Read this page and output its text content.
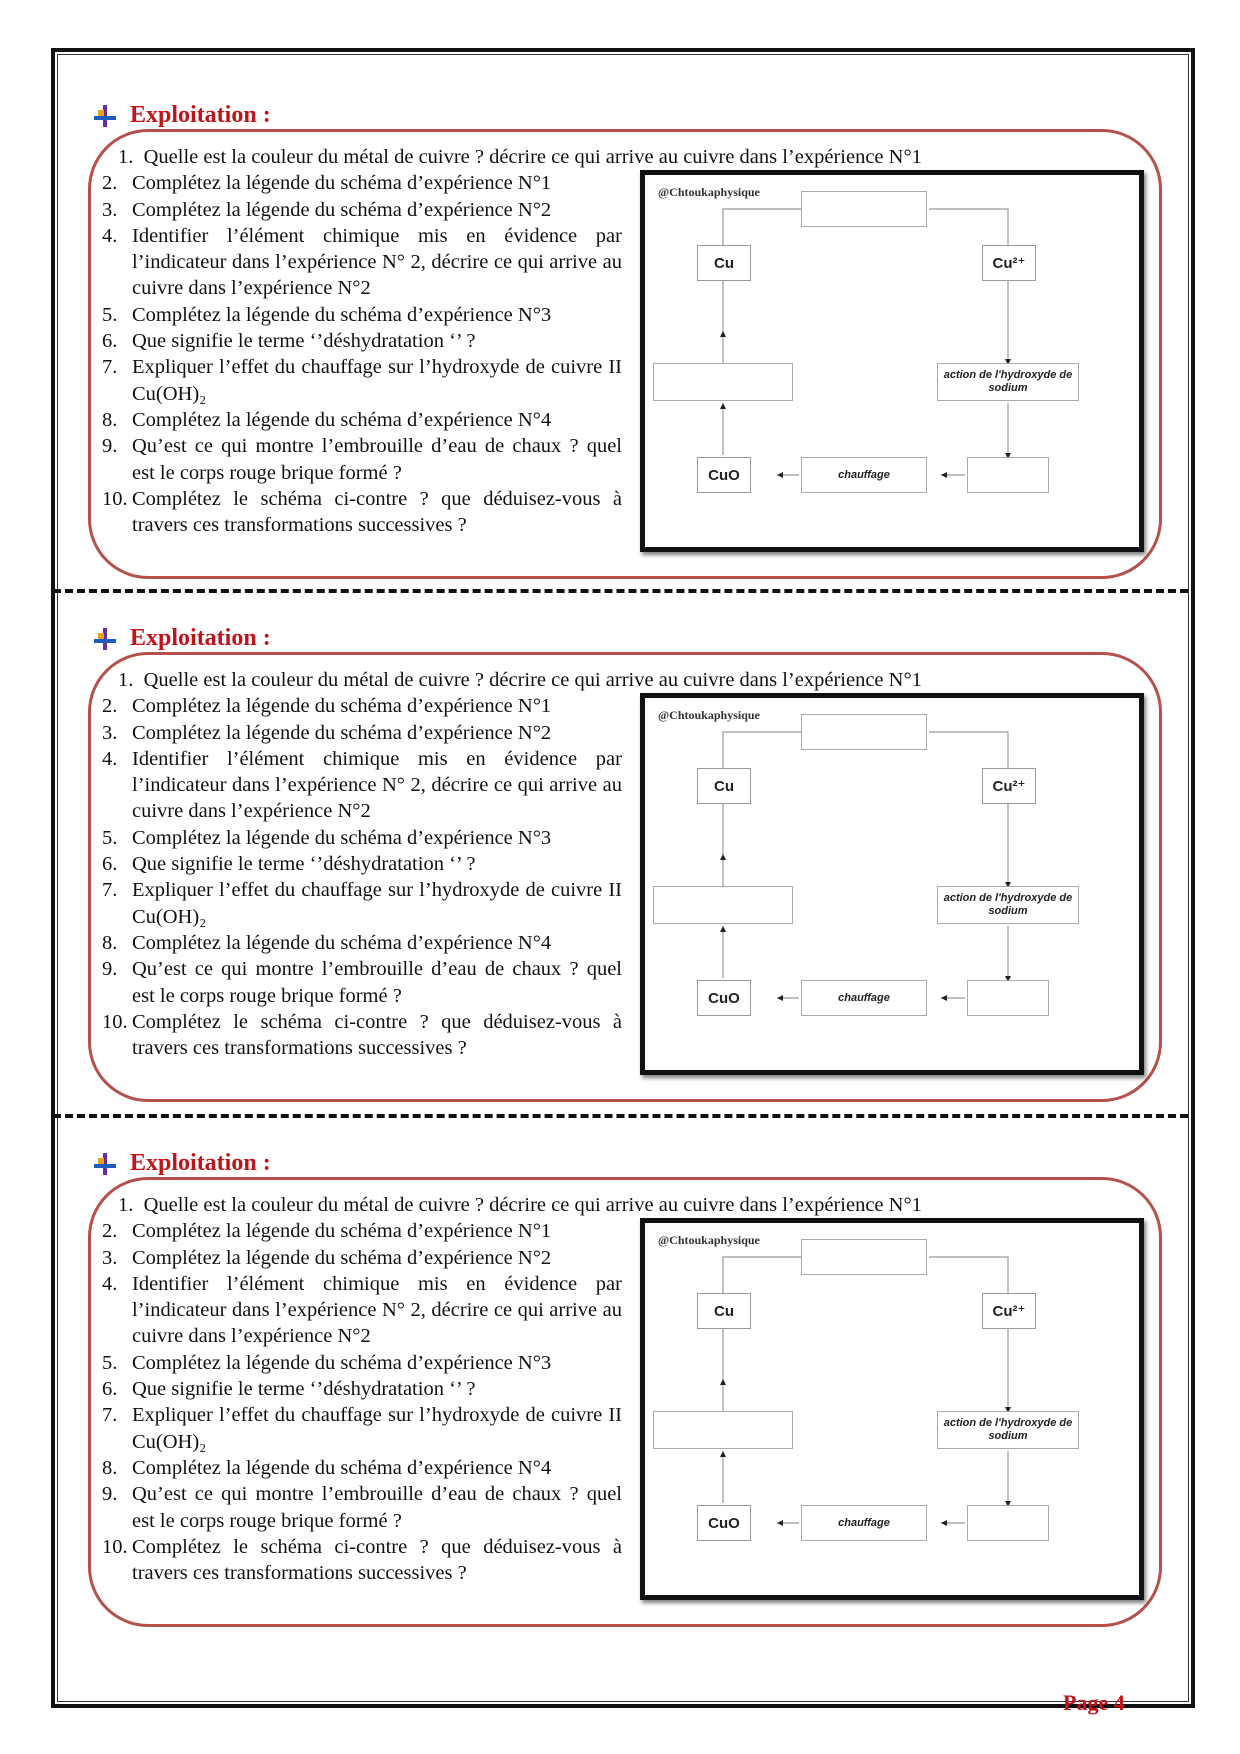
Exploitation :
1. Quelle est la couleur du métal de cuivre ? décrire ce qui arrive au cuivre dans l’expérience N°1
2. Complétez la légende du schéma d’expérience N°1
3. Complétez la légende du schéma d’expérience N°2
4. Identifier l’élément chimique mis en évidence par l’indicateur dans l’expérience N° 2, décrire ce qui arrive au cuivre dans l’expérience N°2
5. Complétez la légende du schéma d’expérience N°3
6. Que signifie le terme ‘’déshydratation ‘’ ?
7. Expliquer l’effet du chauffage sur l’hydroxyde de cuivre II Cu(OH)₂
8. Complétez la légende du schéma d’expérience N°4
9. Qu’est ce qui montre l’embrouille d’eau de chaux ? quel est le corps rouge brique formé ?
10. Complétez le schéma ci-contre ? que déduisez-vous à travers ces transformations successives ?
@Chtoukaphysique
Cu	Cu²⁺
action de l'hydroxyde de sodium
CuO	chauffage
Exploitation :
1. Quelle est la couleur du métal de cuivre ? décrire ce qui arrive au cuivre dans l’expérience N°1
2. Complétez la légende du schéma d’expérience N°1
3. Complétez la légende du schéma d’expérience N°2
4. Identifier l’élément chimique mis en évidence par l’indicateur dans l’expérience N° 2, décrire ce qui arrive au cuivre dans l’expérience N°2
5. Complétez la légende du schéma d’expérience N°3
6. Que signifie le terme ‘’déshydratation ‘’ ?
7. Expliquer l’effet du chauffage sur l’hydroxyde de cuivre II Cu(OH)₂
8. Complétez la légende du schéma d’expérience N°4
9. Qu’est ce qui montre l’embrouille d’eau de chaux ? quel est le corps rouge brique formé ?
10. Complétez le schéma ci-contre ? que déduisez-vous à travers ces transformations successives ?
@Chtoukaphysique
Cu	Cu²⁺
action de l'hydroxyde de sodium
CuO	chauffage
Exploitation :
1. Quelle est la couleur du métal de cuivre ? décrire ce qui arrive au cuivre dans l’expérience N°1
2. Complétez la légende du schéma d’expérience N°1
3. Complétez la légende du schéma d’expérience N°2
4. Identifier l’élément chimique mis en évidence par l’indicateur dans l’expérience N° 2, décrire ce qui arrive au cuivre dans l’expérience N°2
5. Complétez la légende du schéma d’expérience N°3
6. Que signifie le terme ‘’déshydratation ‘’ ?
7. Expliquer l’effet du chauffage sur l’hydroxyde de cuivre II Cu(OH)₂
8. Complétez la légende du schéma d’expérience N°4
9. Qu’est ce qui montre l’embrouille d’eau de chaux ? quel est le corps rouge brique formé ?
10. Complétez le schéma ci-contre ? que déduisez-vous à travers ces transformations successives ?
@Chtoukaphysique
Cu	Cu²⁺
action de l'hydroxyde de sodium
CuO	chauffage
Page 4
